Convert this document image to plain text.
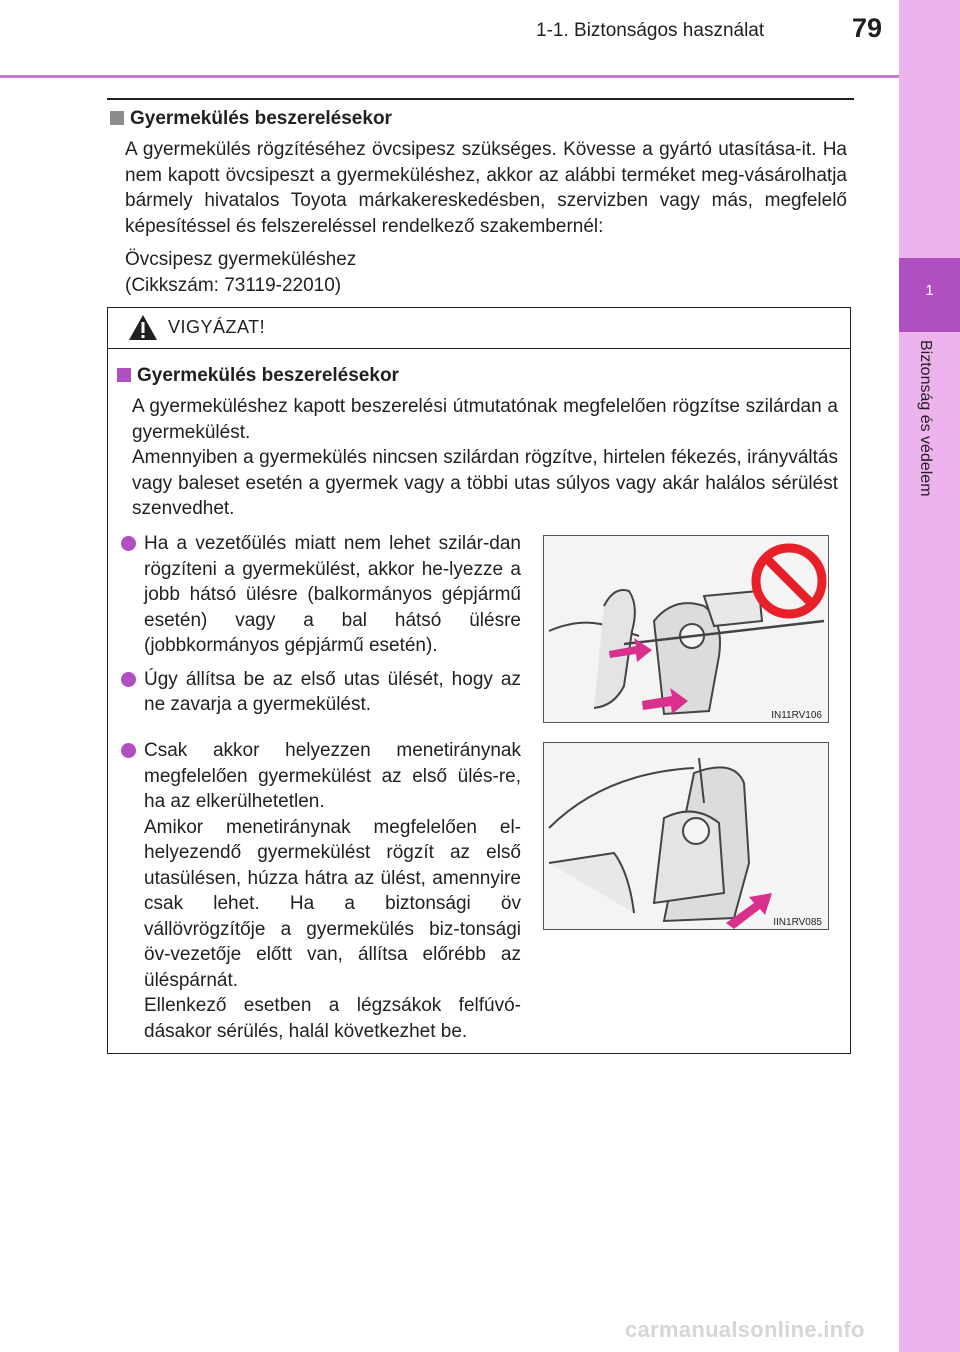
1-1. Biztonságos használat	79
1
Biztonság és védelem
Gyermekülés beszerelésekor

A gyermekülés rögzítéséhez övcsipesz szükséges. Kövesse a gyártó utasítása-it. Ha nem kapott övcsipeszt a gyermeküléshez, akkor az alábbi terméket meg-vásárolhatja bármely hivatalos Toyota márkakereskedésben, szervizben vagy más, megfelelő képesítéssel és felszereléssel rendelkező szakembernél:

Övcsipesz gyermeküléshez

(Cikkszám: 73119-22010)

VIGYÁZAT!
Gyermekülés beszerelésekor
A gyermeküléshez kapott beszerelési útmutatónak megfelelően rögzítse szilárdan a gyermekülést.
Amennyiben a gyermekülés nincsen szilárdan rögzítve, hirtelen fékezés, irányváltás vagy baleset esetén a gyermek vagy a többi utas súlyos vagy akár halálos sérülést szenvedhet.
Ha a vezetőülés miatt nem lehet szilár-dan rögzíteni a gyermekülést, akkor he-lyezze a jobb hátsó ülésre (balkormányos gépjármű esetén) vagy a bal hátsó ülésre (jobbkormányos gépjármű esetén).
Úgy állítsa be az első utas ülését, hogy az ne zavarja a gyermekülést.
Csak akkor helyezzen menetiránynak megfelelően gyermekülést az első ülés-re, ha az elkerülhetetlen.
Amikor menetiránynak megfelelően el-helyezendő gyermekülést rögzít az első utasülésen, húzza hátra az ülést, amennyire csak lehet. Ha a biztonsági öv vállövrögzítője a gyermekülés biz-tonsági öv-vezetője előtt van, állítsa előrébb az üléspárnát.
Ellenkező esetben a légzsákok felfúvó-dásakor sérülés, halál következhet be.
IN11RV106
IIN1RV085
carmanualsonline.info
